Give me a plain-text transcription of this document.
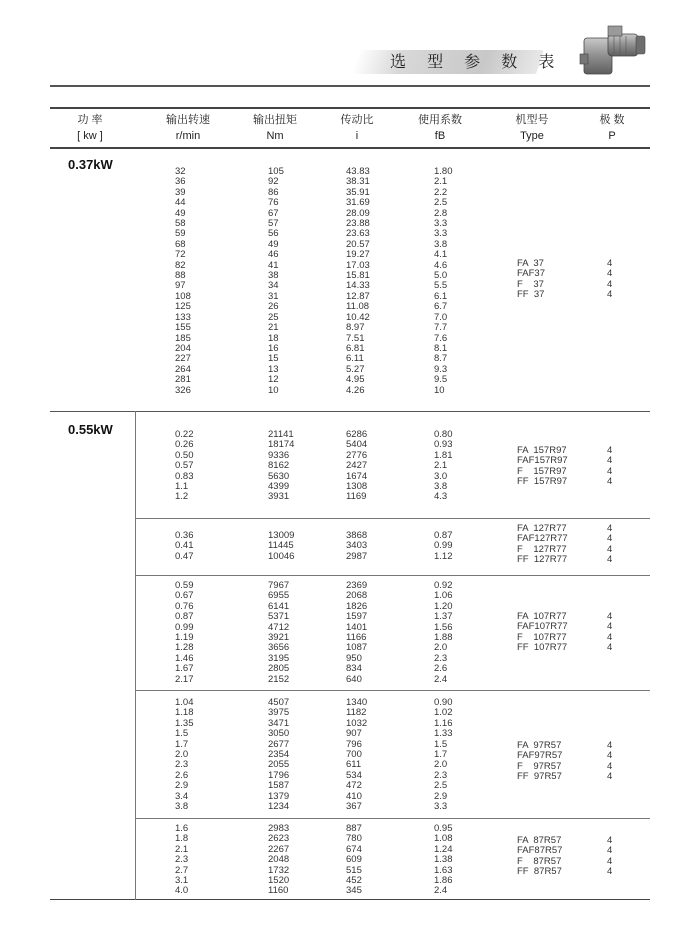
选 型 参 数 表
功 率
[ kw ]
输出转速
r/min
输出扭矩
Nm
传动比
i
使用系数
fB
机型号
Type
极 数
P
0.37kW
0.55kW
32
36
39
44
49
58
59
68
72
82
88
97
108
125
133
155
185
204
227
264
281
326
105
92
86
76
67
57
56
49
46
41
38
34
31
26
25
21
18
16
15
13
12
10
43.83
38.31
35.91
31.69
28.09
23.88
23.63
20.57
19.27
17.03
15.81
14.33
12.87
11.08
10.42
8.97
7.51
6.81
6.11
5.27
4.95
4.26
1.80
2.1
2.2
2.5
2.8
3.3
3.3
3.8
4.1
4.6
5.0
5.5
6.1
6.7
7.0
7.7
7.6
8.1
8.7
9.3
9.5
10
FA  37
FAF37
F    37
FF  37
4
4
4
4
0.22
0.26
0.50
0.57
0.83
1.1
1.2
21141
18174
9336
8162
5630
4399
3931
6286
5404
2776
2427
1674
1308
1169
0.80
0.93
1.81
2.1
3.0
3.8
4.3
FA  157R97
FAF157R97
F    157R97
FF  157R97
4
4
4
4
0.36
0.41
0.47
13009
11445
10046
3868
3403
2987
0.87
0.99
1.12
FA  127R77
FAF127R77
F    127R77
FF  127R77
4
4
4
4
0.59
0.67
0.76
0.87
0.99
1.19
1.28
1.46
1.67
2.17
7967
6955
6141
5371
4712
3921
3656
3195
2805
2152
2369
2068
1826
1597
1401
1166
1087
950
834
640
0.92
1.06
1.20
1.37
1.56
1.88
2.0
2.3
2.6
2.4
FA  107R77
FAF107R77
F    107R77
FF  107R77
4
4
4
4
1.04
1.18
1.35
1.5
1.7
2.0
2.3
2.6
2.9
3.4
3.8
4507
3975
3471
3050
2677
2354
2055
1796
1587
1379
1234
1340
1182
1032
907
796
700
611
534
472
410
367
0.90
1.02
1.16
1.33
1.5
1.7
2.0
2.3
2.5
2.9
3.3
FA  97R57
FAF97R57
F    97R57
FF  97R57
4
4
4
4
1.6
1.8
2.1
2.3
2.7
3.1
4.0
2983
2623
2267
2048
1732
1520
1160
887
780
674
609
515
452
345
0.95
1.08
1.24
1.38
1.63
1.86
2.4
FA  87R57
FAF87R57
F    87R57
FF  87R57
4
4
4
4
